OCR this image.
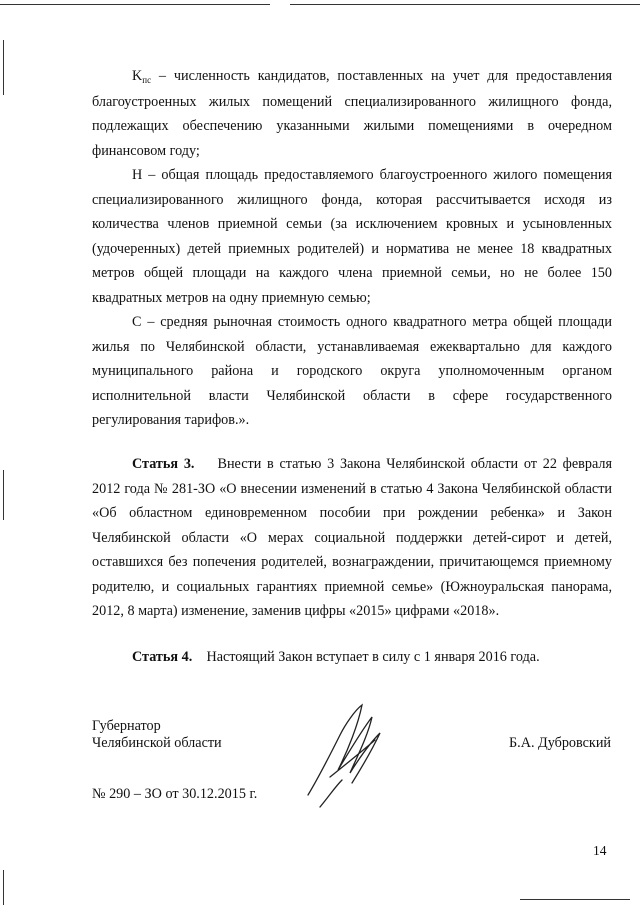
$K_{пс}$ – численность кандидатов, поставленных на учет для предоставления благоустроенных жилых помещений специализированного жилищного фонда, подлежащих обеспечению указанными жилыми помещениями в очередном финансовом году;

Н – общая площадь предоставляемого благоустроенного жилого помещения специализированного жилищного фонда, которая рассчитывается исходя из количества членов приемной семьи (за исключением кровных и усыновленных (удочеренных) детей приемных родителей) и норматива не менее 18 квадратных метров общей площади на каждого члена приемной семьи, но не более 150 квадратных метров на одну приемную семью;

С – средняя рыночная стоимость одного квадратного метра общей площади жилья по Челябинской области, устанавливаемая ежеквартально для каждого муниципального района и городского округа уполномоченным органом исполнительной власти Челябинской области в сфере государственного регулирования тарифов.».

Статья 3. Внести в статью 3 Закона Челябинской области от 22 февраля 2012 года № 281-ЗО «О внесении изменений в статью 4 Закона Челябинской области «Об областном единовременном пособии при рождении ребенка» и Закон Челябинской области «О мерах социальной поддержки детей-сирот и детей, оставшихся без попечения родителей, вознаграждении, причитающемся приемному родителю, и социальных гарантиях приемной семье» (Южноуральская панорама, 2012, 8 марта) изменение, заменив цифры «2015» цифрами «2018».

Статья 4. Настоящий Закон вступает в силу с 1 января 2016 года.

Губернатор
Челябинской области	Б.А. Дубровский
№ 290 – ЗО от 30.12.2015 г.
14
